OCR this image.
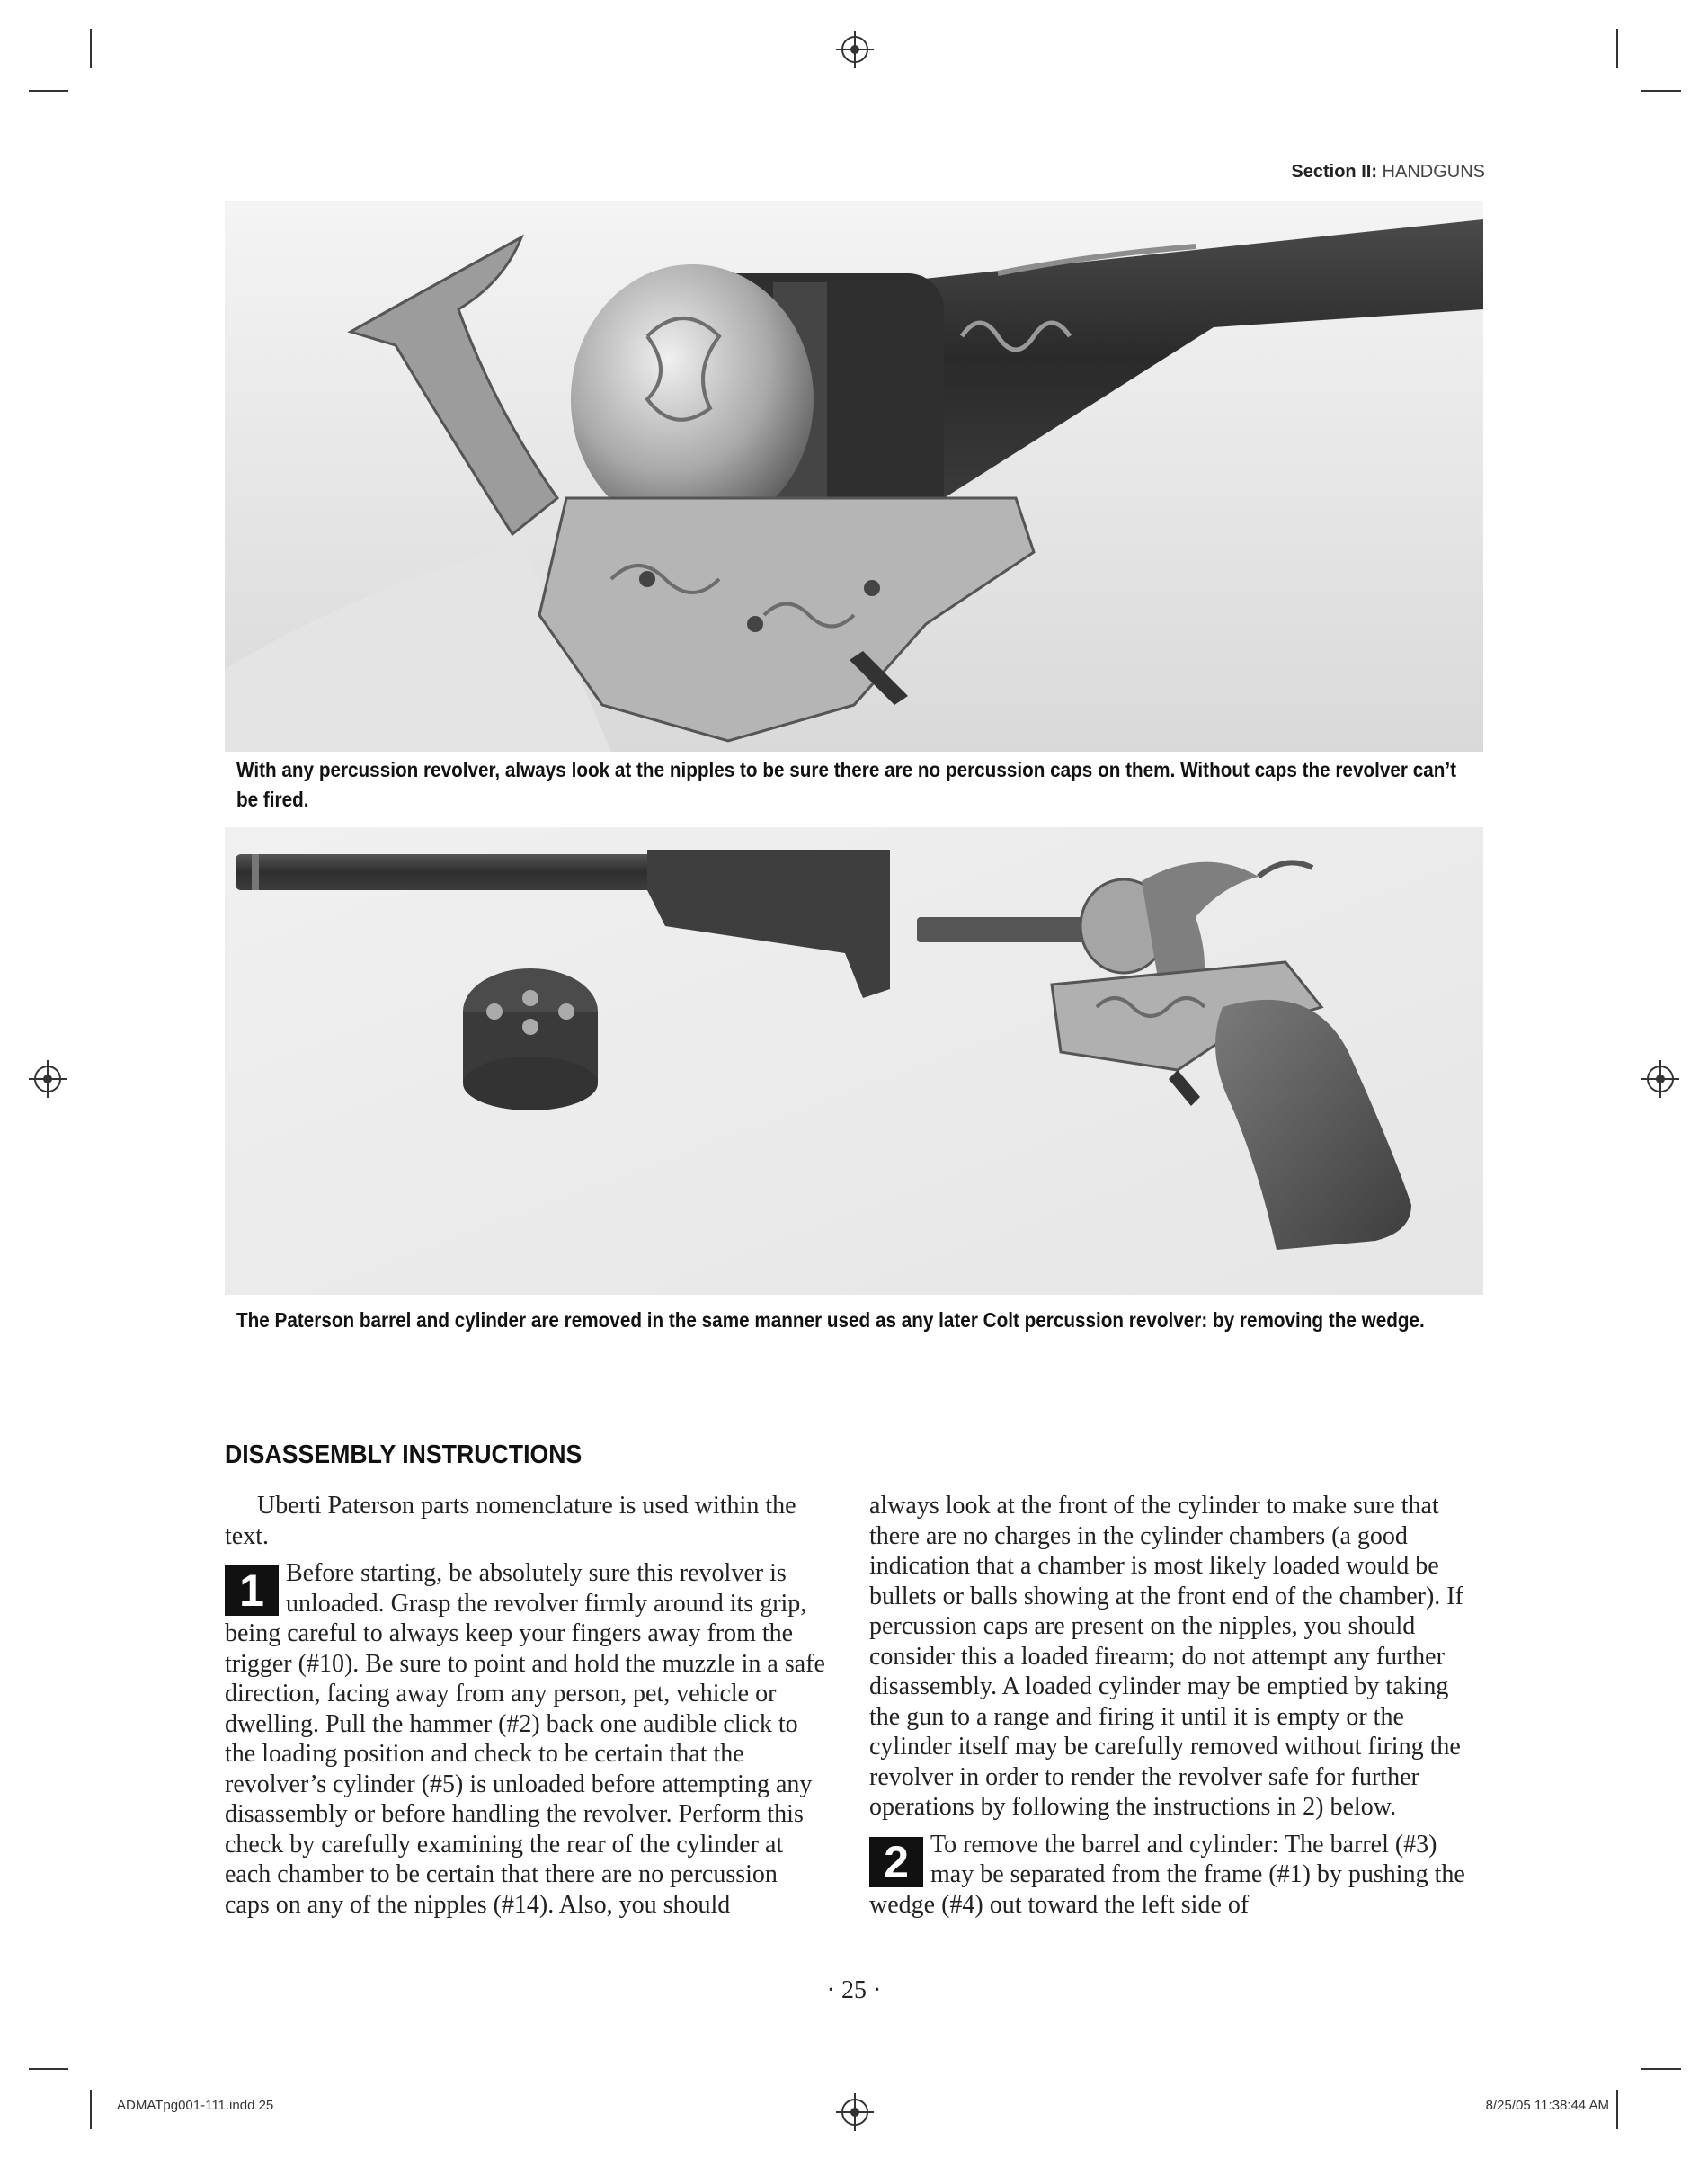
Section II: HANDGUNS
With any percussion revolver, always look at the nipples to be sure there are no percussion caps on them. Without caps the revolver can’t be fired.
The Paterson barrel and cylinder are removed in the same manner used as any later Colt percussion revolver: by removing the wedge.
DISASSEMBLY INSTRUCTIONS

Uberti Paterson parts nomenclature is used within the text.

1 Before starting, be absolutely sure this revolver is unloaded. Grasp the revolver firmly around its grip, being careful to always keep your fingers away from the trigger (#10). Be sure to point and hold the muzzle in a safe direction, facing away from any person, pet, vehicle or dwelling. Pull the hammer (#2) back one audible click to the loading position and check to be certain that the revolver’s cylinder (#5) is unloaded before attempting any disassembly or before handling the revolver. Perform this check by carefully examining the rear of the cylinder at each chamber to be certain that there are no percussion caps on any of the nipples (#14). Also, you should

always look at the front of the cylinder to make sure that there are no charges in the cylinder chambers (a good indication that a chamber is most likely loaded would be bullets or balls showing at the front end of the chamber). If percussion caps are present on the nipples, you should consider this a loaded firearm; do not attempt any further disassembly. A loaded cylinder may be emptied by taking the gun to a range and firing it until it is empty or the cylinder itself may be carefully removed without firing the revolver in order to render the revolver safe for further operations by following the instructions in 2) below.

2 To remove the barrel and cylinder: The barrel (#3) may be separated from the frame (#1) by pushing the wedge (#4) out toward the left side of

· 25 ·
ADMATpg001-111.indd 25	8/25/05 11:38:44 AM
